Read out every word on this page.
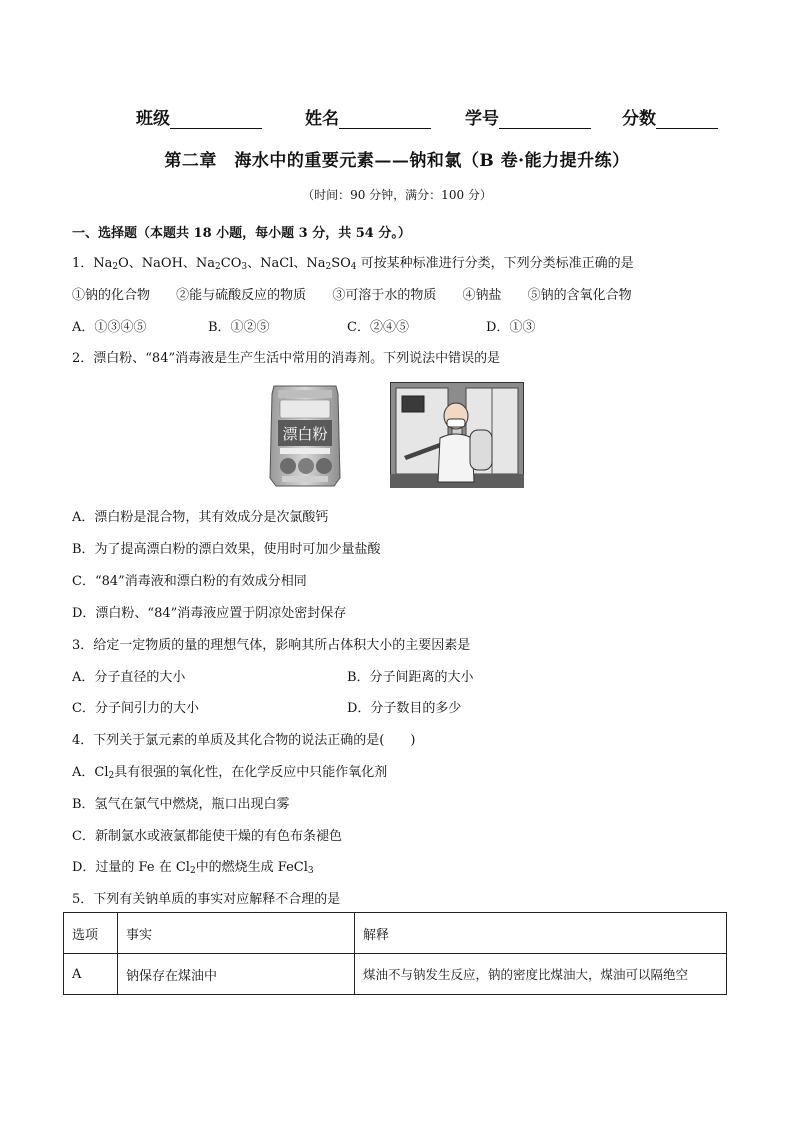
班级	姓名	学号	分数
第二章　海水中的重要元素——钠和氯（B 卷·能力提升练）
（时间：90 分钟，满分：100 分）
一、选择题（本题共 18 小题，每小题 3 分，共 54 分。）
1．$Na_2O$、NaOH、$Na_2CO_3$、NaCl、$Na_2SO_4$ 可按某种标准进行分类，下列分类标准正确的是
①钠的化合物 ②能与硫酸反应的物质 ③可溶于水的物质 ④钠盐 ⑤钠的含氧化合物
A．①③④⑤	B．①②⑤	C．②④⑤	D．①③
2．漂白粉、“84”消毒液是生产生活中常用的消毒剂。下列说法中错误的是
漂白粉
A．漂白粉是混合物，其有效成分是次氯酸钙
B．为了提高漂白粉的漂白效果，使用时可加少量盐酸
C．“84”消毒液和漂白粉的有效成分相同
D．漂白粉、“84”消毒液应置于阴凉处密封保存
3．给定一定物质的量的理想气体，影响其所占体积大小的主要因素是
A．分子直径的大小	B．分子间距离的大小
C．分子间引力的大小	D．分子数目的多少
4．下列关于氯元素的单质及其化合物的说法正确的是(　　)
A．$Cl_2$具有很强的氧化性，在化学反应中只能作氧化剂
B．氢气在氯气中燃烧，瓶口出现白雾
C．新制氯水或液氯都能使干燥的有色布条褪色
D．过量的 Fe 在 $Cl_2$中的燃烧生成 FeCl$_3$
5．下列有关钠单质的事实对应解释不合理的是
选项	事实	解释
A	钠保存在煤油中	煤油不与钠发生反应，钠的密度比煤油大，煤油可以隔绝空
